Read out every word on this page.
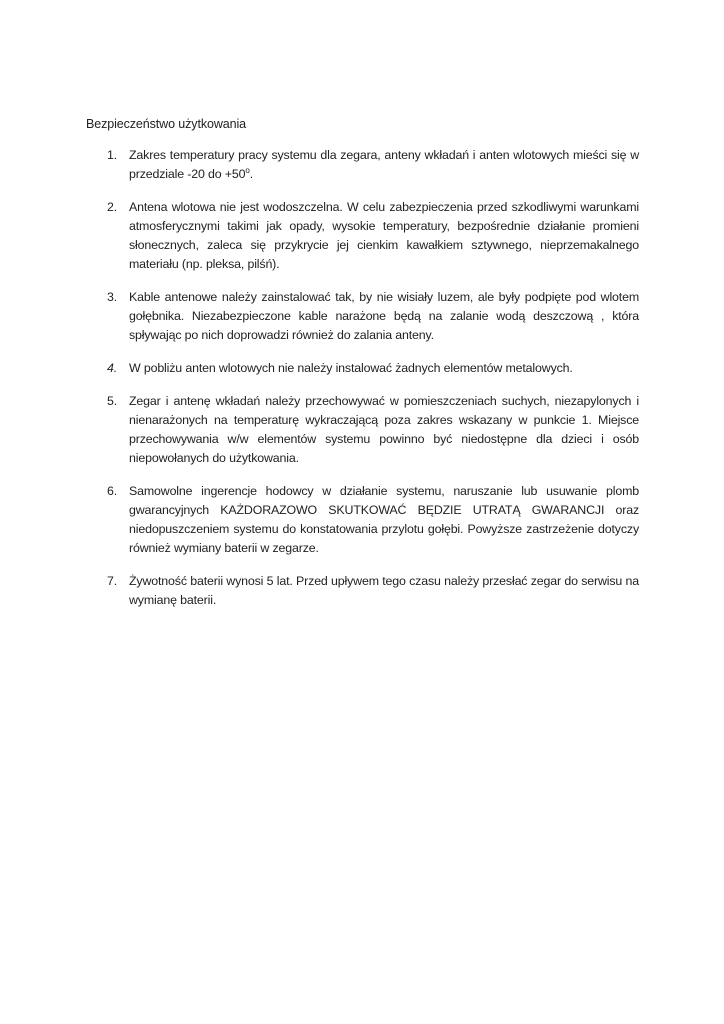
Bezpieczeństwo użytkowania

1. Zakres temperatury pracy systemu dla zegara, anteny wkładań i anten wlotowych mieści się w przedziale -20 do $+50^o$.
2. Antena wlotowa nie jest wodoszczelna. W celu zabezpieczenia przed szkodliwymi warunkami atmosferycznymi takimi jak opady, wysokie temperatury, bezpośrednie działanie promieni słonecznych, zaleca się przykrycie jej cienkim kawałkiem sztywnego, nieprzemakalnego materiału (np. pleksa, pilśń).
3. Kable antenowe należy zainstalować tak, by nie wisiały luzem, ale były podpięte pod wlotem gołębnika. Niezabezpieczone kable narażone będą na zalanie wodą deszczową , która spływając po nich doprowadzi również do zalania anteny.
4. W pobliżu anten wlotowych nie należy instalować żadnych elementów metalowych.
5. Zegar i antenę wkładań należy przechowywać w pomieszczeniach suchych, niezapylonych i nienarażonych na temperaturę wykraczającą poza zakres wskazany w punkcie 1. Miejsce przechowywania w/w elementów systemu powinno być niedostępne dla dzieci i osób niepowołanych do użytkowania.
6. Samowolne ingerencje hodowcy w działanie systemu, naruszanie lub usuwanie plomb gwarancyjnych KAŻDORAZOWO SKUTKOWAĆ BĘDZIE UTRATĄ GWARANCJI oraz niedopuszczeniem systemu do konstatowania przylotu gołębi. Powyższe zastrzeżenie dotyczy również wymiany baterii w zegarze.
7. Żywotność baterii wynosi 5 lat. Przed upływem tego czasu należy przesłać zegar do serwisu na wymianę baterii.
